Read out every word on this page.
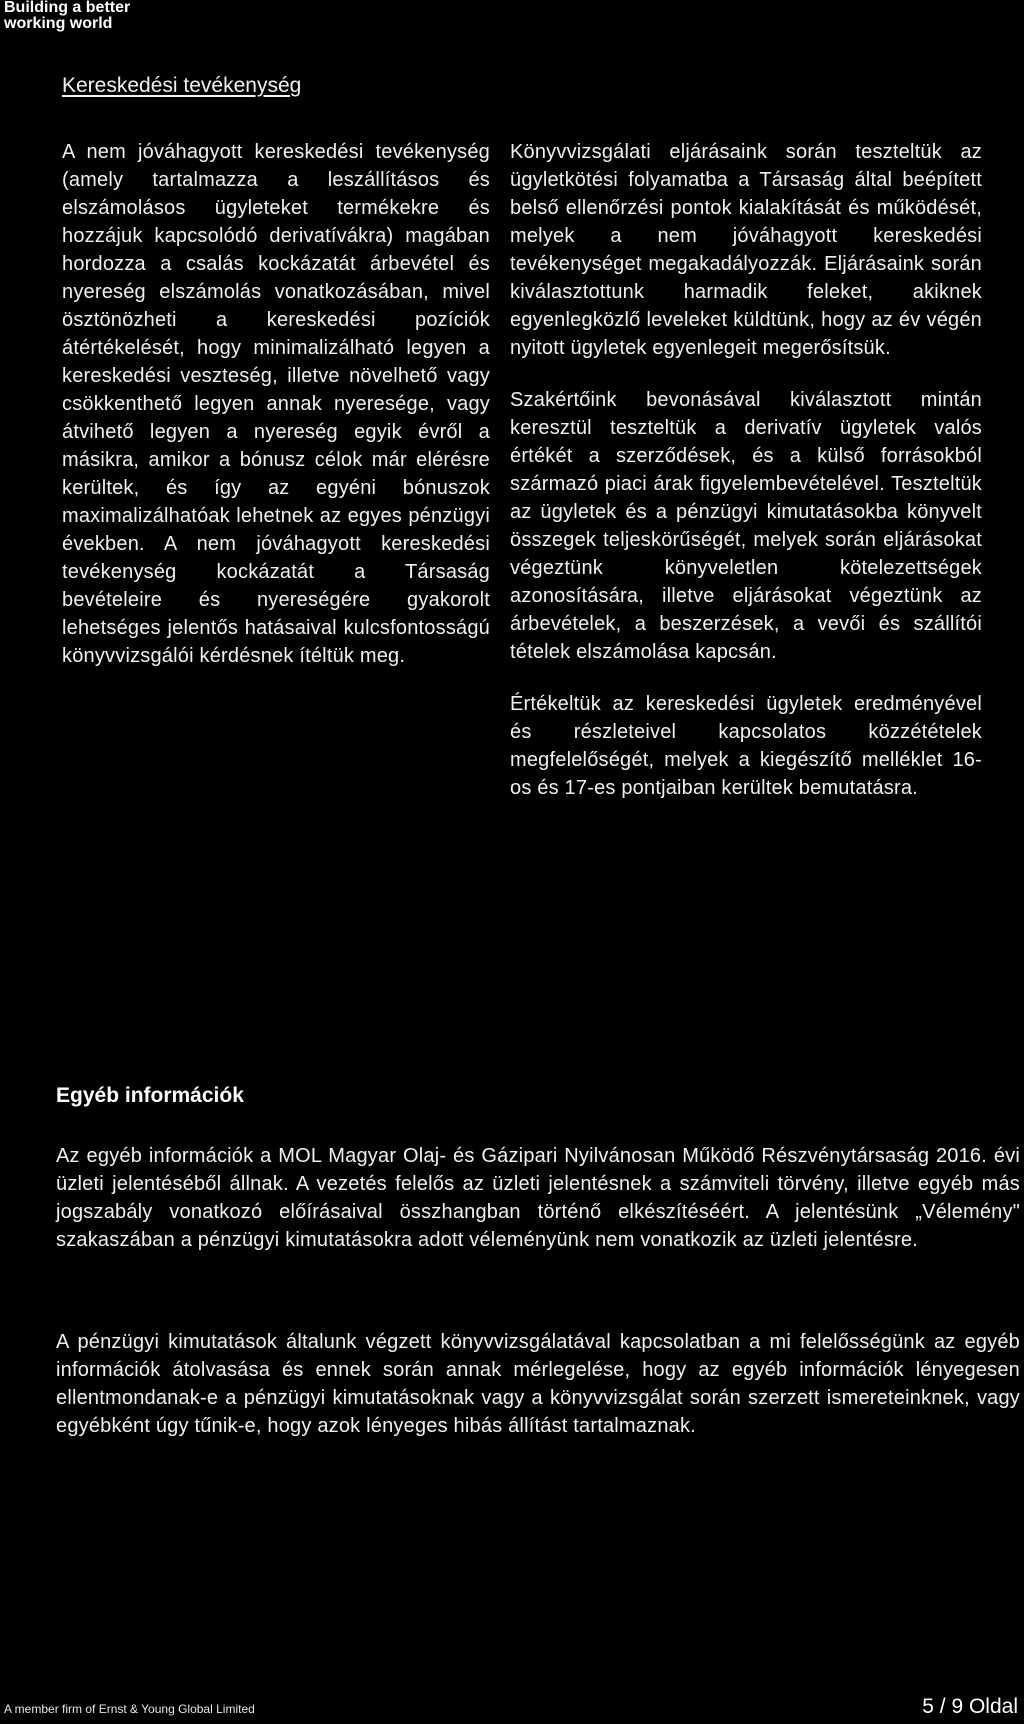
Building a better
working world
Kereskedési tevékenység

A nem jóváhagyott kereskedési tevékenység (amely tartalmazza a leszállításos és elszámolásos ügyleteket termékekre és hozzájuk kapcsolódó derivatívákra) magában hordozza a csalás kockázatát árbevétel és nyereség elszámolás vonatkozásában, mivel ösztönözheti a kereskedési pozíciók átértékelését, hogy minimalizálható legyen a kereskedési veszteség, illetve növelhető vagy csökkenthető legyen annak nyeresége, vagy átvihető legyen a nyereség egyik évről a másikra, amikor a bónusz célok már elérésre kerültek, és így az egyéni bónuszok maximalizálhatóak lehetnek az egyes pénzügyi években. A nem jóváhagyott kereskedési tevékenység kockázatát a Társaság bevételeire és nyereségére gyakorolt lehetséges jelentős hatásaival kulcsfontosságú könyvvizsgálói kérdésnek ítéltük meg.

Könyvvizsgálati eljárásaink során teszteltük az ügyletkötési folyamatba a Társaság által beépített belső ellenőrzési pontok kialakítását és működését, melyek a nem jóváhagyott kereskedési tevékenységet megakadályozzák. Eljárásaink során kiválasztottunk harmadik feleket, akiknek egyenlegközlő leveleket küldtünk, hogy az év végén nyitott ügyletek egyenlegeit megerősítsük.

Szakértőink bevonásával kiválasztott mintán keresztül teszteltük a derivatív ügyletek valós értékét a szerződések, és a külső forrásokból származó piaci árak figyelembevételével. Teszteltük az ügyletek és a pénzügyi kimutatásokba könyvelt összegek teljeskörűségét, melyek során eljárásokat végeztünk könyveletlen kötelezettségek azonosítására, illetve eljárásokat végeztünk az árbevételek, a beszerzések, a vevői és szállítói tételek elszámolása kapcsán.

Értékeltük az kereskedési ügyletek eredményével és részleteivel kapcsolatos közzétételek megfelelőségét, melyek a kiegészítő melléklet 16-os és 17-es pontjaiban kerültek bemutatásra.

Egyéb információk

Az egyéb információk a MOL Magyar Olaj- és Gázipari Nyilvánosan Működő Részvénytársaság 2016. évi üzleti jelentéséből állnak. A vezetés felelős az üzleti jelentésnek a számviteli törvény, illetve egyéb más jogszabály vonatkozó előírásaival összhangban történő elkészítéséért. A jelentésünk „Vélemény" szakaszában a pénzügyi kimutatásokra adott véleményünk nem vonatkozik az üzleti jelentésre.

A pénzügyi kimutatások általunk végzett könyvvizsgálatával kapcsolatban a mi felelősségünk az egyéb információk átolvasása és ennek során annak mérlegelése, hogy az egyéb információk lényegesen ellentmondanak-e a pénzügyi kimutatásoknak vagy a könyvvizsgálat során szerzett ismereteinknek, vagy egyébként úgy tűnik-e, hogy azok lényeges hibás állítást tartalmaznak.

A member firm of Ernst & Young Global Limited	5 / 9 Oldal
